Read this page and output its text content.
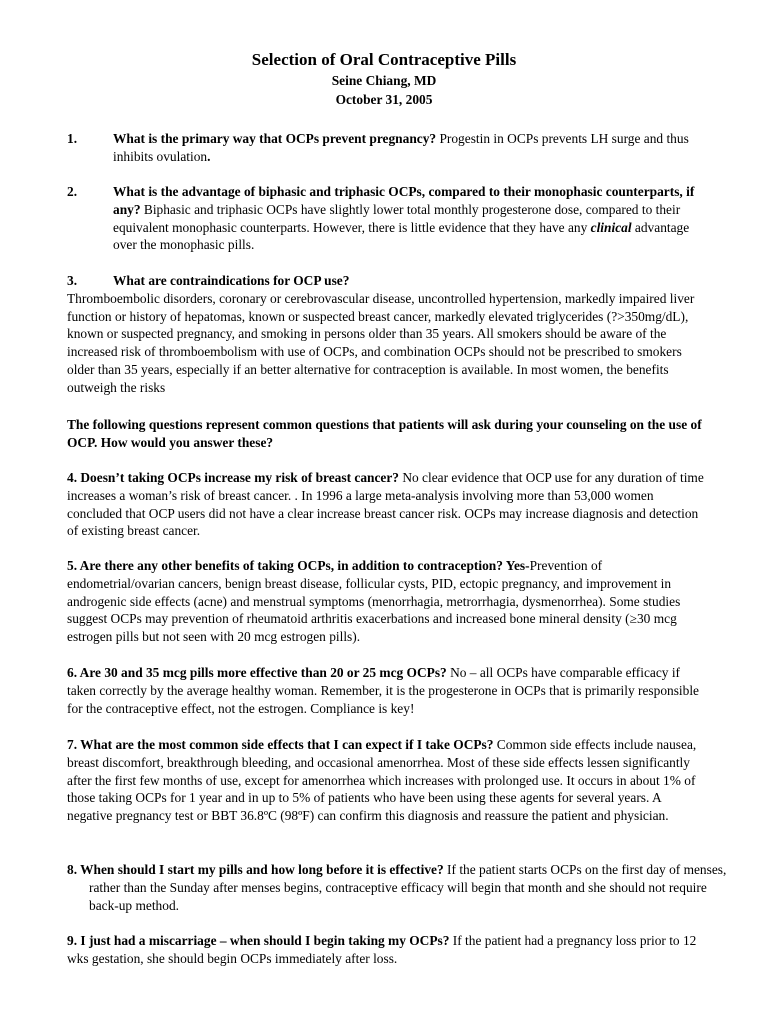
Selection of Oral Contraceptive Pills
Seine Chiang, MD
October 31, 2005
1.	What is the primary way that OCPs prevent pregnancy? Progestin in OCPs prevents LH surge and thus inhibits ovulation.
2.	What is the advantage of biphasic and triphasic OCPs, compared to their monophasic counterparts, if any? Biphasic and triphasic OCPs have slightly lower total monthly progesterone dose, compared to their equivalent monophasic counterparts. However, there is little evidence that they have any clinical advantage over the monophasic pills.
3.	What are contraindications for OCP use?
Thromboembolic disorders, coronary or cerebrovascular disease, uncontrolled hypertension, markedly impaired liver function or history of hepatomas, known or suspected breast cancer, markedly elevated triglycerides (?>350mg/dL), known or suspected pregnancy, and smoking in persons older than 35 years. All smokers should be aware of the increased risk of thromboembolism with use of OCPs, and combination OCPs should not be prescribed to smokers older than 35 years, especially if an better alternative for contraception is available. In most women, the benefits outweigh the risks
The following questions represent common questions that patients will ask during your counseling on the use of OCP. How would you answer these?
4. Doesn’t taking OCPs increase my risk of breast cancer? No clear evidence that OCP use for any duration of time increases a woman’s risk of breast cancer. . In 1996 a large meta-analysis involving more than 53,000 women concluded that OCP users did not have a clear increase breast cancer risk. OCPs may increase diagnosis and detection of existing breast cancer.
5. Are there any other benefits of taking OCPs, in addition to contraception? Yes-Prevention of endometrial/ovarian cancers, benign breast disease, follicular cysts, PID, ectopic pregnancy, and improvement in androgenic side effects (acne) and menstrual symptoms (menorrhagia, metrorrhagia, dysmenorrhea). Some studies suggest OCPs may prevention of rheumatoid arthritis exacerbations and increased bone mineral density (≥30 mcg estrogen pills but not seen with 20 mcg estrogen pills).
6. Are 30 and 35 mcg pills more effective than 20 or 25 mcg OCPs? No – all OCPs have comparable efficacy if taken correctly by the average healthy woman. Remember, it is the progesterone in OCPs that is primarily responsible for the contraceptive effect, not the estrogen. Compliance is key!
7. What are the most common side effects that I can expect if I take OCPs? Common side effects include nausea, breast discomfort, breakthrough bleeding, and occasional amenorrhea. Most of these side effects lessen significantly after the first few months of use, except for amenorrhea which increases with prolonged use. It occurs in about 1% of those taking OCPs for 1 year and in up to 5% of patients who have been using these agents for several years. A negative pregnancy test or BBT 36.8ºC (98ºF) can confirm this diagnosis and reassure the patient and physician.
8. When should I start my pills and how long before it is effective? If the patient starts OCPs on the first day of menses, rather than the Sunday after menses begins, contraceptive efficacy will begin that month and she should not require back-up method.
9. I just had a miscarriage – when should I begin taking my OCPs? If the patient had a pregnancy loss prior to 12 wks gestation, she should begin OCPs immediately after loss.
